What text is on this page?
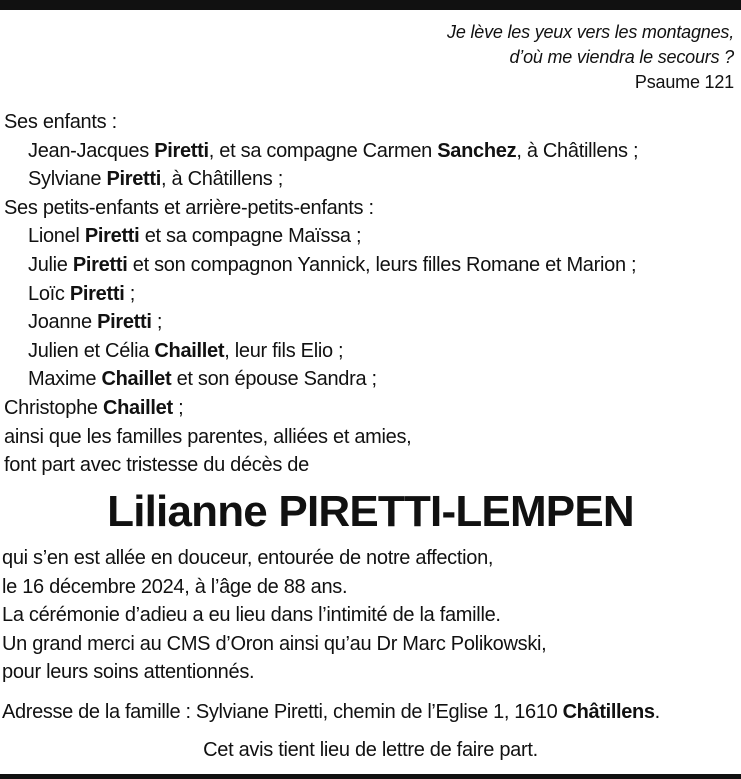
Je lève les yeux vers les montagnes,
d’où me viendra le secours ?
Psaume 121
Ses enfants :
Jean-Jacques Piretti, et sa compagne Carmen Sanchez, à Châtillens ;
Sylviane Piretti, à Châtillens ;
Ses petits-enfants et arrière-petits-enfants :
Lionel Piretti et sa compagne Maïssa ;
Julie Piretti et son compagnon Yannick, leurs filles Romane et Marion ;
Loïc Piretti ;
Joanne Piretti ;
Julien et Célia Chaillet, leur fils Elio ;
Maxime Chaillet et son épouse Sandra ;
Christophe Chaillet ;
ainsi que les familles parentes, alliées et amies,
font part avec tristesse du décès de
Lilianne PIRETTI-LEMPEN
qui s’en est allée en douceur, entourée de notre affection,
le 16 décembre 2024, à l’âge de 88 ans.
La cérémonie d’adieu a eu lieu dans l’intimité de la famille.
Un grand merci au CMS d’Oron ainsi qu’au Dr Marc Polikowski,
pour leurs soins attentionnés.
Adresse de la famille : Sylviane Piretti, chemin de l’Eglise 1, 1610 Châtillens.
Cet avis tient lieu de lettre de faire part.
